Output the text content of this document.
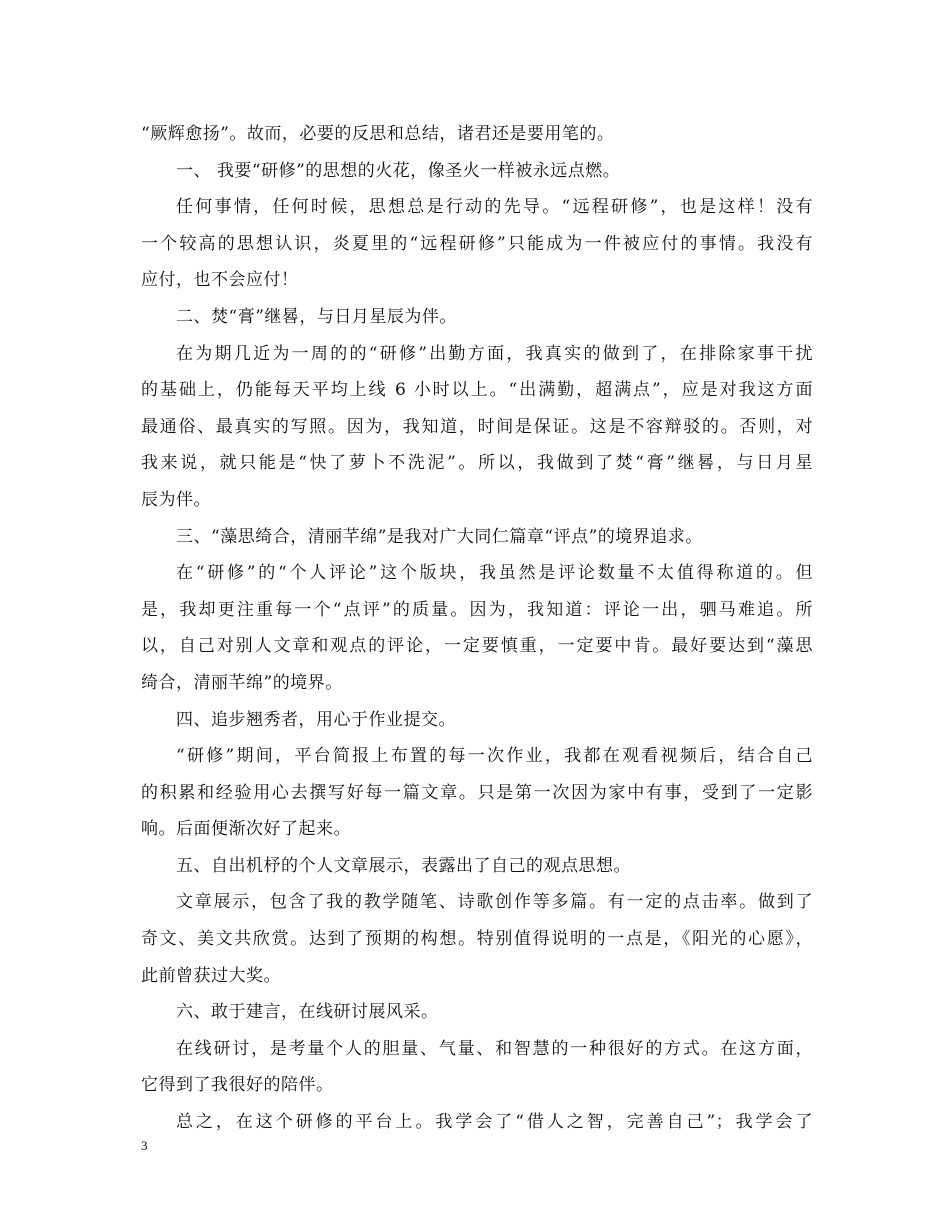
“厥辉愈扬”。故而，必要的反思和总结，诸君还是要用笔的。
一、 我要“研修”的思想的火花，像圣火一样被永远点燃。
任何事情，任何时候，思想总是行动的先导。“远程研修”，也是这样！没有
一个较高的思想认识，炎夏里的“远程研修”只能成为一件被应付的事情。我没有
应付，也不会应付！
二、焚“膏”继晷，与日月星辰为伴。
在为期几近为一周的的“研修”出勤方面，我真实的做到了，在排除家事干扰
的基础上，仍能每天平均上线 6 小时以上。“出满勤，超满点”，应是对我这方面
最通俗、最真实的写照。因为，我知道，时间是保证。这是不容辩驳的。否则，对
我来说，就只能是“快了萝卜不洗泥”。所以，我做到了焚“膏”继晷，与日月星
辰为伴。
三、“藻思绮合，清丽芊绵”是我对广大同仁篇章“评点”的境界追求。
在“研修”的“个人评论”这个版块，我虽然是评论数量不太值得称道的。但
是，我却更注重每一个“点评”的质量。因为，我知道：评论一出，驷马难追。所
以，自己对别人文章和观点的评论，一定要慎重，一定要中肯。最好要达到“藻思
绮合，清丽芊绵”的境界。
四、追步翘秀者，用心于作业提交。
“研修”期间，平台简报上布置的每一次作业，我都在观看视频后，结合自己
的积累和经验用心去撰写好每一篇文章。只是第一次因为家中有事，受到了一定影
响。后面便渐次好了起来。
五、自出机杼的个人文章展示，表露出了自己的观点思想。
文章展示，包含了我的教学随笔、诗歌创作等多篇。有一定的点击率。做到了
奇文、美文共欣赏。达到了预期的构想。特别值得说明的一点是，《阳光的心愿》，
此前曾获过大奖。
六、敢于建言，在线研讨展风采。
在线研讨，是考量个人的胆量、气量、和智慧的一种很好的方式。在这方面，
它得到了我很好的陪伴。
总之，在这个研修的平台上。我学会了“借人之智，完善自己”；我学会了
3
